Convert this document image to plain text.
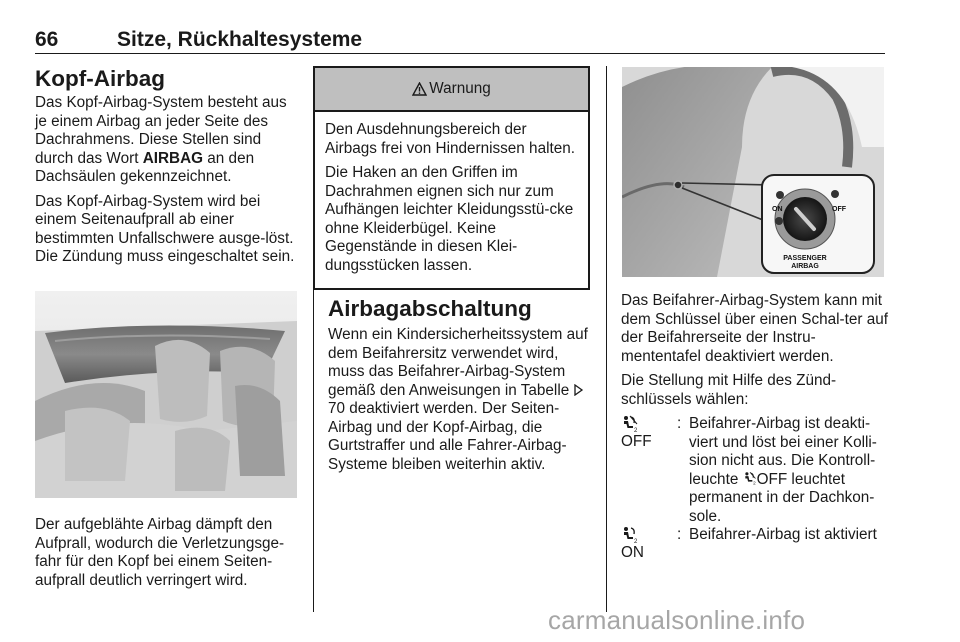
66	Sitze, Rückhaltesysteme
Kopf-Airbag

Das Kopf-Airbag-System besteht aus je einem Airbag an jeder Seite des Dachrahmens. Diese Stellen sind durch das Wort AIRBAG an den Dachsäulen gekennzeichnet.

Das Kopf-Airbag-System wird bei einem Seitenaufprall ab einer bestimmten Unfallschwere ausge-löst. Die Zündung muss eingeschaltet sein.

Der aufgeblähte Airbag dämpft den Aufprall, wodurch die Verletzungsge-fahr für den Kopf bei einem Seiten-aufprall deutlich verringert wird.
Warnung

Den Ausdehnungsbereich der Airbags frei von Hindernissen halten.

Die Haken an den Griffen im Dachrahmen eignen sich nur zum Aufhängen leichter Kleidungsstü-cke ohne Kleiderbügel. Keine Gegenstände in diesen Klei-dungsstücken lassen.

Airbagabschaltung

Wenn ein Kindersicherheitssystem auf dem Beifahrersitz verwendet wird, muss das Beifahrer-Airbag-System gemäß den Anweisungen in Tabelle  70 deaktiviert werden. Der Seiten-Airbag und der Kopf-Airbag, die Gurtstraffer und alle Fahrer-Airbag-Systeme bleiben weiterhin aktiv.

ON	OFF
PASSENGER
AIRBAG

Das Beifahrer-Airbag-System kann mit dem Schlüssel über einen Schal-ter auf der Beifahrerseite der Instru-mententafel deaktiviert werden.

Die Stellung mit Hilfe des Zünd-schlüssels wählen:

2
OFF
: Beifahrer-Airbag ist deakti-viert und löst bei einer Kolli-sion nicht aus. Die Kontroll-leuchte 2 OFF leuchtet permanent in der Dachkon-sole.
2
ON
: Beifahrer-Airbag ist aktiviert
carmanualsonline.info
